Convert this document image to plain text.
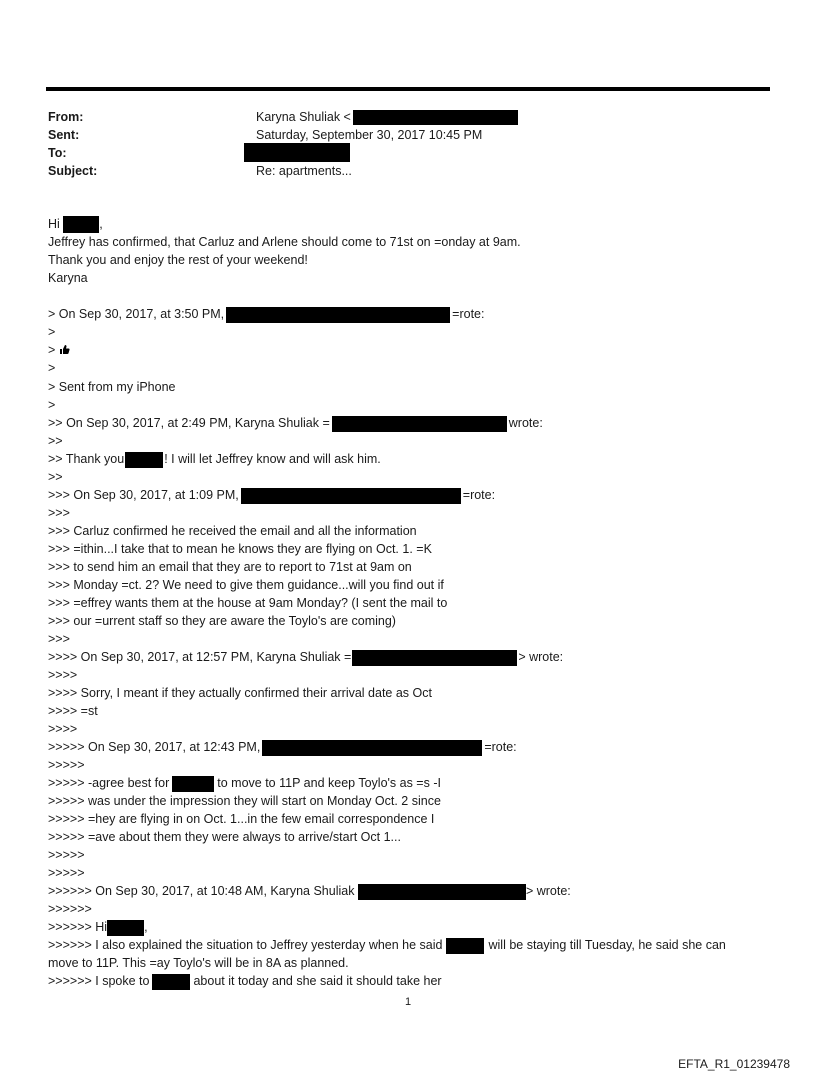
From:	Karyna Shuliak <
Sent:	Saturday, September 30, 2017 10:45 PM
To:
Subject:	Re: apartments...
Hi	,
Jeffrey has confirmed, that Carluz and Arlene should come to 71st on =onday at 9am.
Thank you and enjoy the rest of your weekend!
Karyna
> On Sep 30, 2017, at 3:50 PM,	=rote:
>
>
>
> Sent from my iPhone
>
>> On Sep 30, 2017, at 2:49 PM, Karyna Shuliak =	wrote:
>>
>> Thank you	! I will let Jeffrey know and will ask him.
>>
>>> On Sep 30, 2017, at 1:09 PM,	=rote:
>>>
>>> Carluz confirmed he received the email and all the information
>>> =ithin...I take that to mean he knows they are flying on Oct. 1. =K
>>> to send him an email that they are to report to 71st at 9am on
>>> Monday =ct. 2? We need to give them guidance...will you find out if
>>> =effrey wants them at the house at 9am Monday? (I sent the mail to
>>> our =urrent staff so they are aware the Toylo's are coming)
>>>
>>>> On Sep 30, 2017, at 12:57 PM, Karyna Shuliak =	> wrote:
>>>>
>>>> Sorry, I meant if they actually confirmed their arrival date as Oct
>>>> =st
>>>>
>>>>> On Sep 30, 2017, at 12:43 PM,	=rote:
>>>>>
>>>>> -agree best for	to move to 11P and keep Toylo's as =s -I
>>>>> was under the impression they will start on Monday Oct. 2 since
>>>>> =hey are flying in on Oct. 1...in the few email correspondence I
>>>>> =ave about them they were always to arrive/start Oct 1...
>>>>>
>>>>>
>>>>>> On Sep 30, 2017, at 10:48 AM, Karyna Shuliak	> wrote:
>>>>>>
>>>>>> Hi	,
>>>>>> I also explained the situation to Jeffrey yesterday when he said	will be staying till Tuesday, he said she can
move to 11P. This =ay Toylo's will be in 8A as planned.
>>>>>> I spoke to	about it today and she said it should take her
1
EFTA_R1_01239478
